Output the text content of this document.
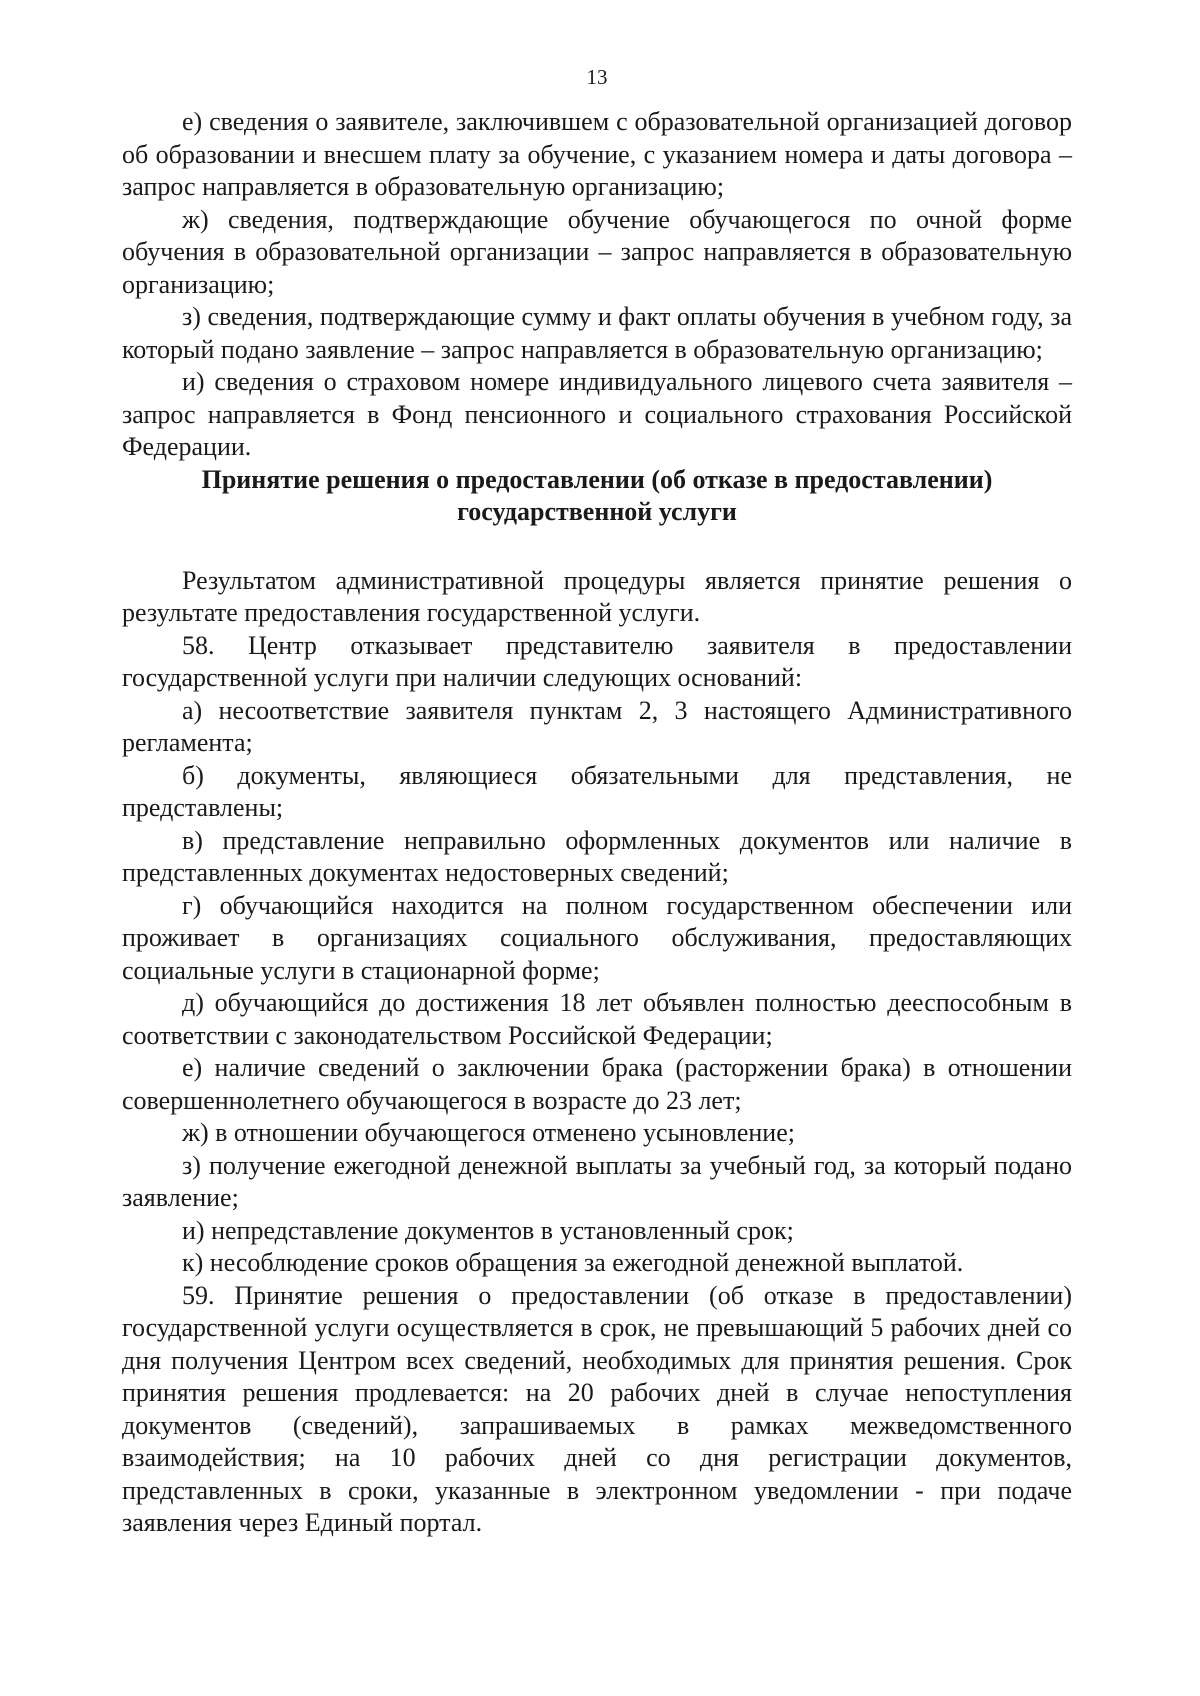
13

е) сведения о заявителе, заключившем с образовательной организацией договор об образовании и внесшем плату за обучение, с указанием номера и даты договора – запрос направляется в образовательную организацию;

ж) сведения, подтверждающие обучение обучающегося по очной форме обучения в образовательной организации – запрос направляется в образовательную организацию;

з) сведения, подтверждающие сумму и факт оплаты обучения в учебном году, за который подано заявление – запрос направляется в образовательную организацию;

и) сведения о страховом номере индивидуального лицевого счета заявителя – запрос направляется в Фонд пенсионного и социального страхования Российской Федерации.

Принятие решения о предоставлении (об отказе в предоставлении)
государственной услуги

Результатом административной процедуры является принятие решения о результате предоставления государственной услуги.

58. Центр отказывает представителю заявителя в предоставлении государственной услуги при наличии следующих оснований:

а) несоответствие заявителя пунктам 2, 3 настоящего Административного регламента;

б) документы, являющиеся обязательными для представления, не представлены;

в) представление неправильно оформленных документов или наличие в представленных документах недостоверных сведений;

г) обучающийся находится на полном государственном обеспечении или проживает в организациях социального обслуживания, предоставляющих социальные услуги в стационарной форме;

д) обучающийся до достижения 18 лет объявлен полностью дееспособным в соответствии с законодательством Российской Федерации;

е) наличие сведений о заключении брака (расторжении брака) в отношении совершеннолетнего обучающегося в возрасте до 23 лет;

ж) в отношении обучающегося отменено усыновление;

з) получение ежегодной денежной выплаты за учебный год, за который подано заявление;

и) непредставление документов в установленный срок;

к) несоблюдение сроков обращения за ежегодной денежной выплатой.

59. Принятие решения о предоставлении (об отказе в предоставлении) государственной услуги осуществляется в срок, не превышающий 5 рабочих дней со дня получения Центром всех сведений, необходимых для принятия решения. Срок принятия решения продлевается: на 20 рабочих дней в случае непоступления документов (сведений), запрашиваемых в рамках межведомственного взаимодействия; на 10 рабочих дней со дня регистрации документов, представленных в сроки, указанные в электронном уведомлении - при подаче заявления через Единый портал.
